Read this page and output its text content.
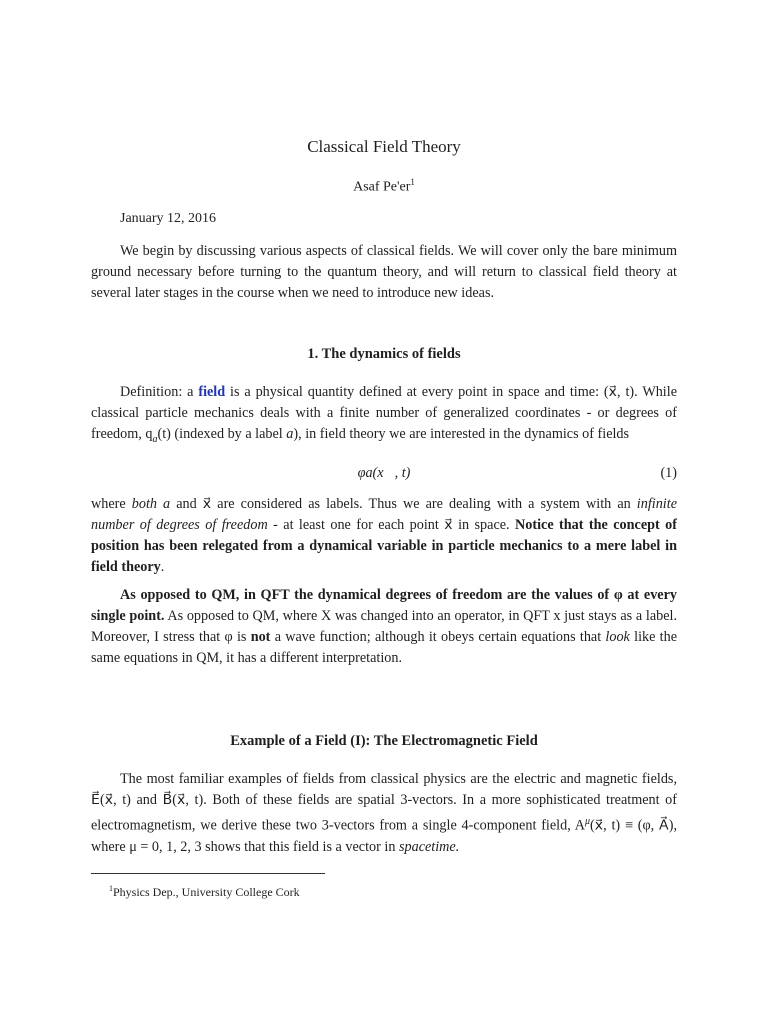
Classical Field Theory
Asaf $Pe'er^1$
January 12, 2016
We begin by discussing various aspects of classical fields. We will cover only the bare minimum ground necessary before turning to the quantum theory, and will return to classical field theory at several later stages in the course when we need to introduce new ideas.
1. The dynamics of fields
Definition: a field is a physical quantity defined at every point in space and time: (x⃗, t). While classical particle mechanics deals with a finite number of generalized coordinates - or degrees of freedom, $q_a(t)$ (indexed by a label a), in field theory we are interested in the dynamics of fields
φa(x⃗, t)	(1)
where both a and x⃗ are considered as labels. Thus we are dealing with a system with an infinite number of degrees of freedom - at least one for each point x⃗ in space. Notice that the concept of position has been relegated from a dynamical variable in particle mechanics to a mere label in field theory.
As opposed to QM, in QFT the dynamical degrees of freedom are the values of φ at every single point. As opposed to QM, where X was changed into an operator, in QFT x just stays as a label. Moreover, I stress that φ is not a wave function; although it obeys certain equations that look like the same equations in QM, it has a different interpretation.
Example of a Field (I): The Electromagnetic Field
The most familiar examples of fields from classical physics are the electric and magnetic fields, E⃗(x⃗, t) and B⃗(x⃗, t). Both of these fields are spatial 3-vectors. In a more sophisticated treatment of electromagnetism, we derive these two 3-vectors from a single 4-component field, $A^\mu(x⃗$, t) ≡ (φ, A⃗), where μ = 0, 1, 2, 3 shows that this field is a vector in spacetime.
$^1$Physics Dep., University College Cork
